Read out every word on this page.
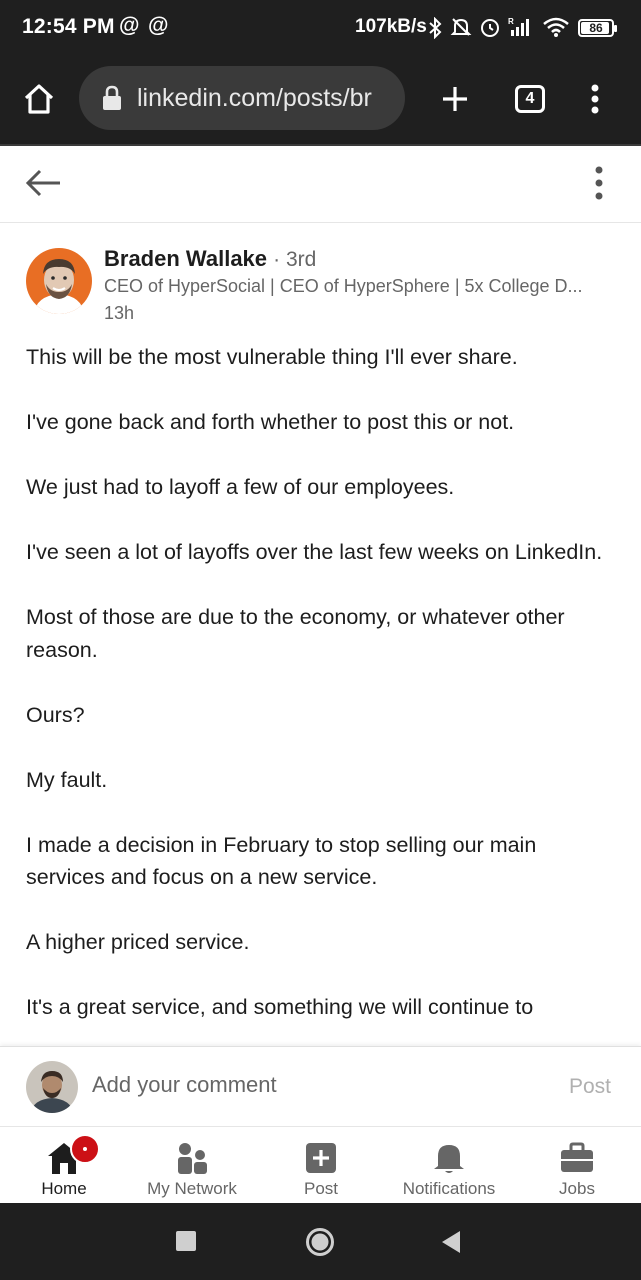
12:54 PM @ @	107kB/s	R	86
linkedin.com/posts/br	4
Braden Wallake · 3rd
CEO of HyperSocial | CEO of HyperSphere | 5x College D...
13h

This will be the most vulnerable thing I'll ever share.

I've gone back and forth whether to post this or not.

We just had to layoff a few of our employees.

I've seen a lot of layoffs over the last few weeks on LinkedIn.

Most of those are due to the economy, or whatever other reason.

Ours?

My fault.

I made a decision in February to stop selling our main services and focus on a new service.

A higher priced service.

It's a great service, and something we will continue to

Add your comment	Post
Home	My Network	Post	Notifications	Jobs
